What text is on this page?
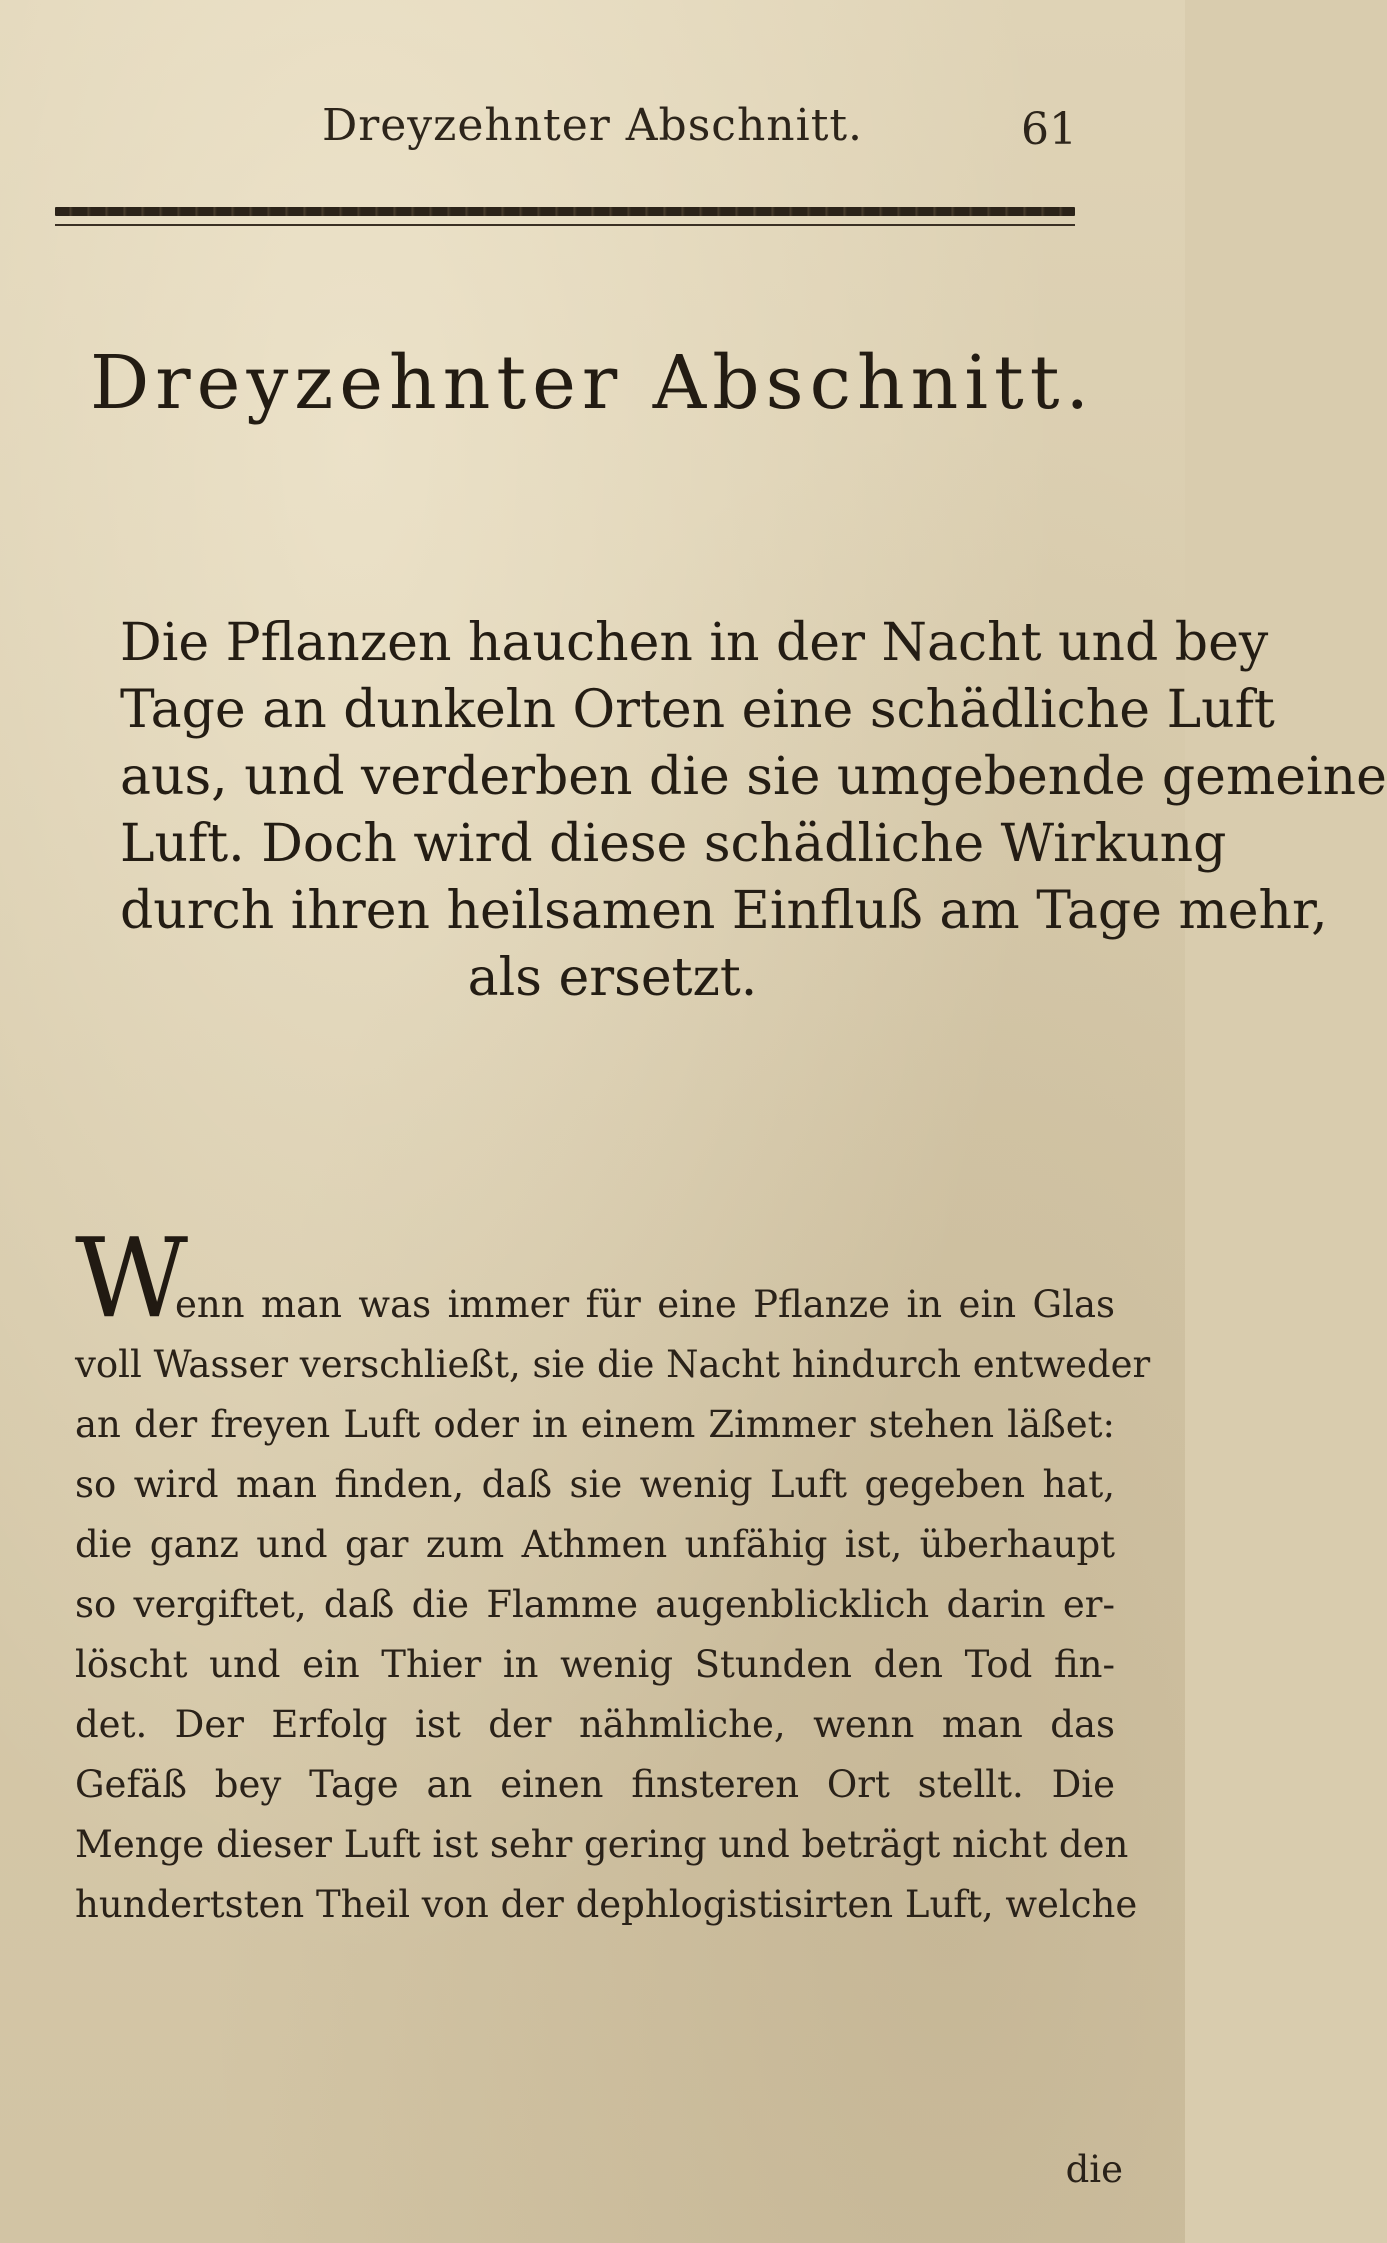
Dreyzehnter Abschnitt.	61
Dreyzehnter Abschnitt.
Die Pflanzen hauchen in der Nacht und bey
Tage an dunkeln Orten eine schädliche Luft
aus, und verderben die sie umgebende gemeine
Luft. Doch wird diese schädliche Wirkung
durch ihren heilsamen Einfluß am Tage mehr,
als ersetzt.
W
enn man was immer für eine Pflanze in ein Glas
voll Wasser verschließt, sie die Nacht hindurch entweder
an der freyen Luft oder in einem Zimmer stehen läßet:
so wird man finden, daß sie wenig Luft gegeben hat,
die ganz und gar zum Athmen unfähig ist, überhaupt
so vergiftet, daß die Flamme augenblicklich darin er-
löscht und ein Thier in wenig Stunden den Tod fin-
det. Der Erfolg ist der nähmliche, wenn man das
Gefäß bey Tage an einen finsteren Ort stellt. Die
Menge dieser Luft ist sehr gering und beträgt nicht den
hundertsten Theil von der dephlogistisirten Luft, welche
die
